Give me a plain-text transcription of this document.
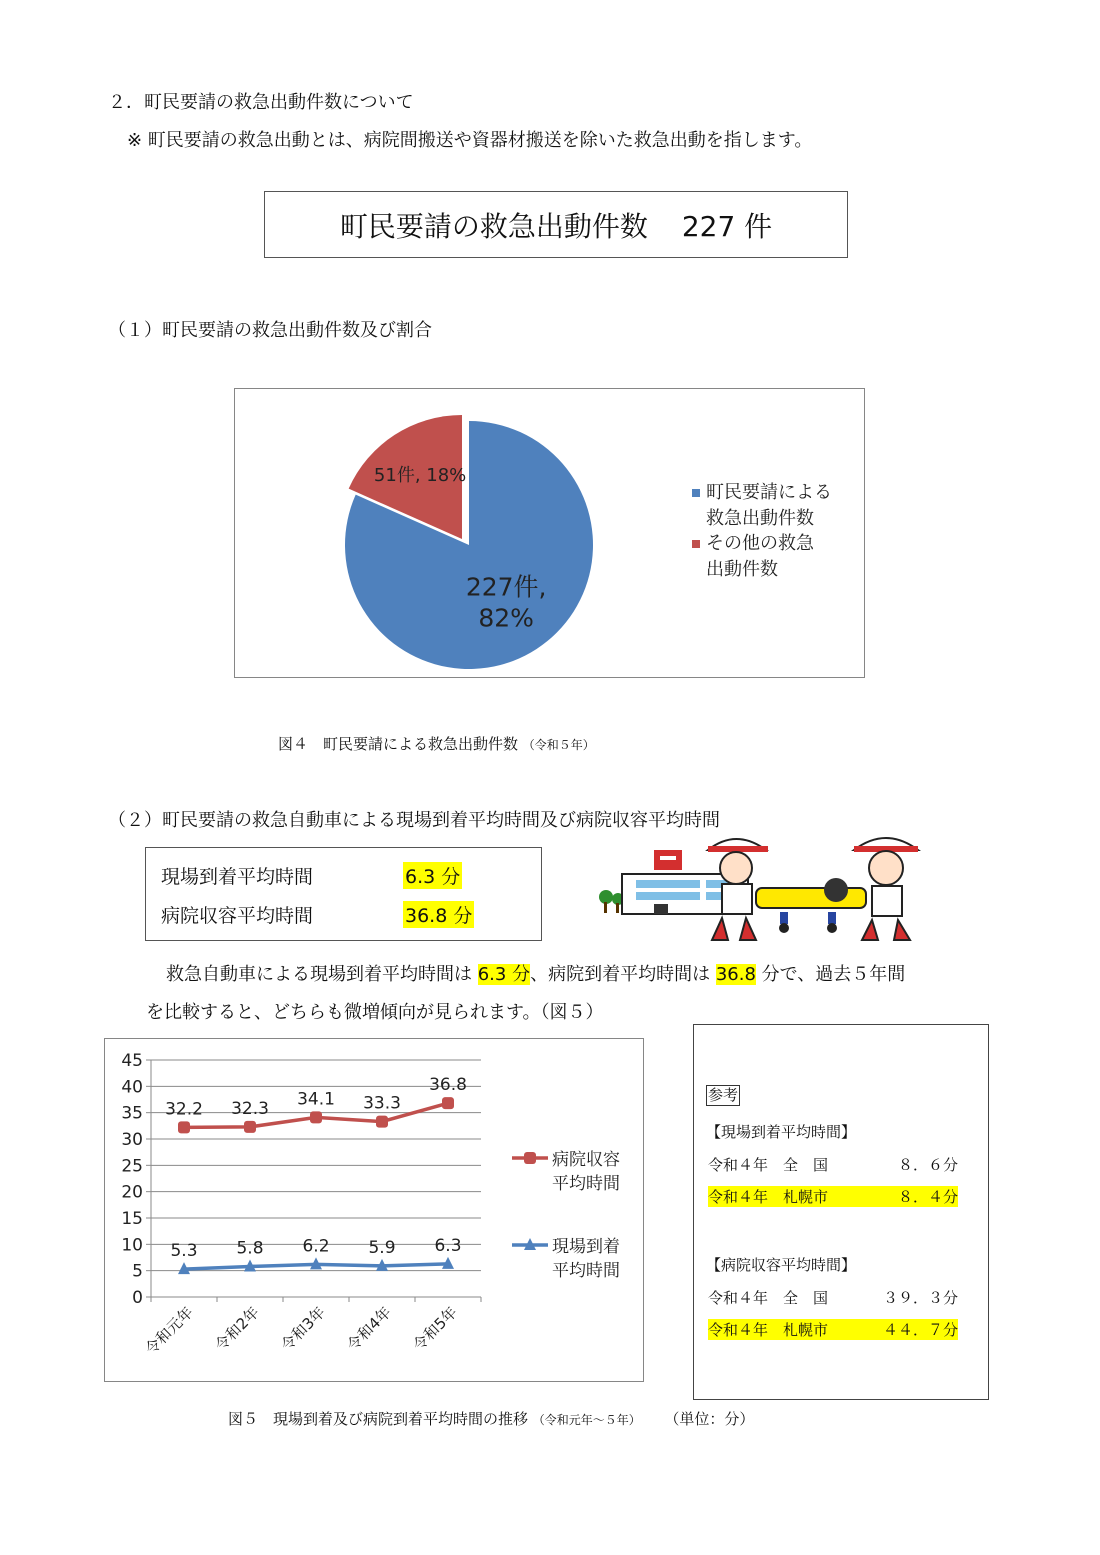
２．町民要請の救急出動件数について
※ 町民要請の救急出動とは、病院間搬送や資器材搬送を除いた救急出動を指します。
町民要請の救急出動件数 227 件
（１）町民要請の救急出動件数及び割合
227件,
82%
51件, 18%
町民要請による
救急出動件数
その他の救急
出動件数
図４　町民要請による救急出動件数 （令和５年）
（２）町民要請の救急自動車による現場到着平均時間及び病院収容平均時間
現場到着平均時間	6.3 分
病院収容平均時間	36.8 分
救急自動車による現場到着平均時間は 6.3 分、病院到着平均時間は 36.8 分で、過去５年間
を比較すると、どちらも微増傾向が見られます。（図５）
0
5
10
15
20
25
30
35
40
45
令和元年 令和2年 令和3年 令和4年 令和5年
32.2 32.3 34.1 33.3
36.8
病院収容
平均時間
5.3 5.8 6.2 5.9 6.3	現場到着
平均時間
参考
【現場到着平均時間】
令和４年　全　国	８．６分
令和４年　札幌市	８．４分
【病院収容平均時間】
令和４年　全　国	３９．３分
令和４年　札幌市	４４．７分
図５　現場到着及び病院到着平均時間の推移 （令和元年～５年） （単位：分）
